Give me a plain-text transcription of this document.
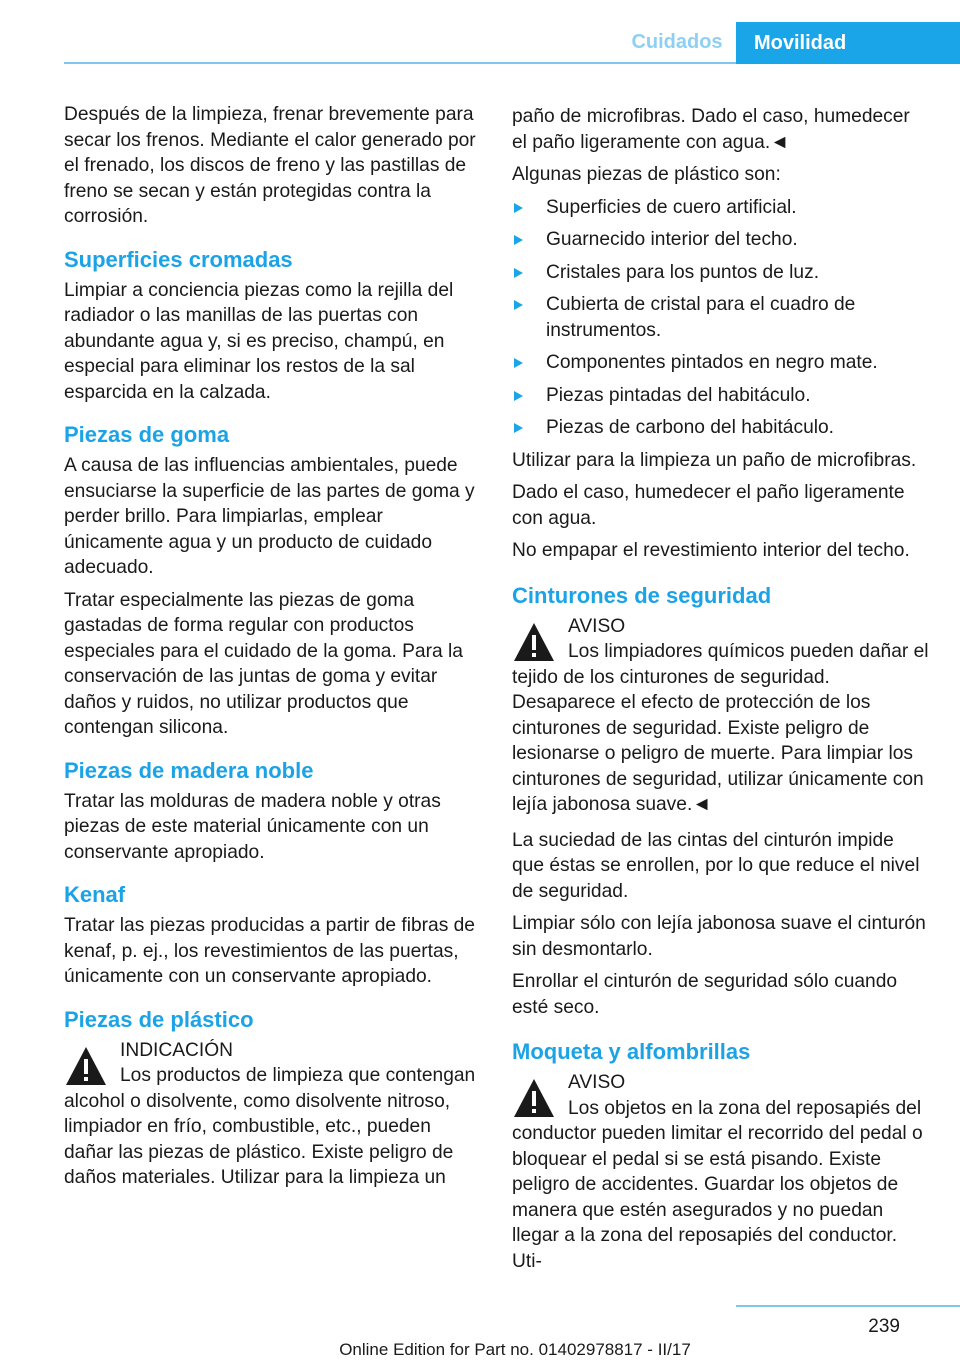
Cuidados	Movilidad

Después de la limpieza, frenar brevemente para secar los frenos. Mediante el calor generado por el frenado, los discos de freno y las pastillas de freno se secan y están protegidas contra la corrosión.

Superficies cromadas

Limpiar a conciencia piezas como la rejilla del radiador o las manillas de las puertas con abundante agua y, si es preciso, champú, en especial para eliminar los restos de la sal esparcida en la calzada.

Piezas de goma

A causa de las influencias ambientales, puede ensuciarse la superficie de las partes de goma y perder brillo. Para limpiarlas, emplear únicamente agua y un producto de cuidado adecuado.

Tratar especialmente las piezas de goma gastadas de forma regular con productos especiales para el cuidado de la goma. Para la conservación de las juntas de goma y evitar daños y ruidos, no utilizar productos que contengan silicona.

Piezas de madera noble

Tratar las molduras de madera noble y otras piezas de este material únicamente con un conservante apropiado.

Kenaf

Tratar las piezas producidas a partir de fibras de kenaf, p. ej., los revestimientos de las puertas, únicamente con un conservante apropiado.

Piezas de plástico
INDICACIÓN
Los productos de limpieza que contengan alcohol o disolvente, como disolvente nitroso, limpiador en frío, combustible, etc., pueden dañar las piezas de plástico. Existe peligro de daños materiales. Utilizar para la limpieza un

paño de microfibras. Dado el caso, humedecer el paño ligeramente con agua.◄

Algunas piezas de plástico son:

Superficies de cuero artificial.
Guarnecido interior del techo.
Cristales para los puntos de luz.
Cubierta de cristal para el cuadro de instrumentos.
Componentes pintados en negro mate.
Piezas pintadas del habitáculo.
Piezas de carbono del habitáculo.

Utilizar para la limpieza un paño de microfibras.

Dado el caso, humedecer el paño ligeramente con agua.

No empapar el revestimiento interior del techo.

Cinturones de seguridad
AVISO
Los limpiadores químicos pueden dañar el tejido de los cinturones de seguridad. Desaparece el efecto de protección de los cinturones de seguridad. Existe peligro de lesionarse o peligro de muerte. Para limpiar los cinturones de seguridad, utilizar únicamente con lejía jabonosa suave.◄

La suciedad de las cintas del cinturón impide que éstas se enrollen, por lo que reduce el nivel de seguridad.

Limpiar sólo con lejía jabonosa suave el cinturón sin desmontarlo.

Enrollar el cinturón de seguridad sólo cuando esté seco.

Moqueta y alfombrillas
AVISO
Los objetos en la zona del reposapiés del conductor pueden limitar el recorrido del pedal o bloquear el pedal si se está pisando. Existe peligro de accidentes. Guardar los objetos de manera que estén asegurados y no puedan llegar a la zona del reposapiés del conductor. Uti-
239
Online Edition for Part no. 01402978817 - II/17
